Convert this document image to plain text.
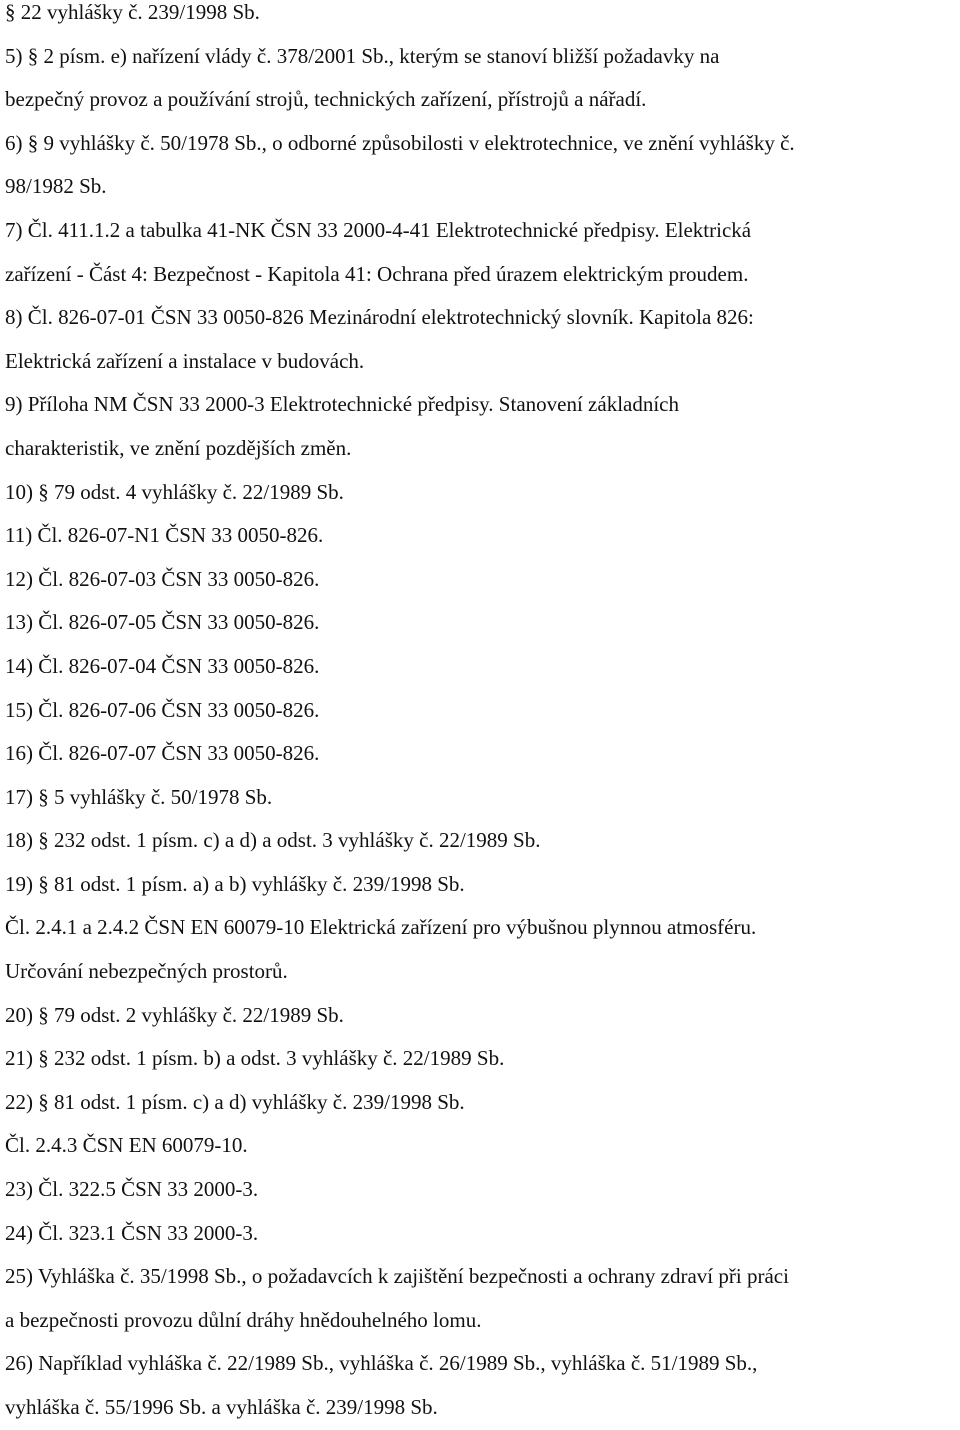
§ 22 vyhlášky č. 239/1998 Sb.
5) § 2 písm. e) nařízení vlády č. 378/2001 Sb., kterým se stanoví bližší požadavky na
bezpečný provoz a používání strojů, technických zařízení, přístrojů a nářadí.
6) § 9 vyhlášky č. 50/1978 Sb., o odborné způsobilosti v elektrotechnice, ve znění vyhlášky č.
98/1982 Sb.
7) Čl. 411.1.2 a tabulka 41-NK ČSN 33 2000-4-41 Elektrotechnické předpisy. Elektrická
zařízení - Část 4: Bezpečnost - Kapitola 41: Ochrana před úrazem elektrickým proudem.
8) Čl. 826-07-01 ČSN 33 0050-826 Mezinárodní elektrotechnický slovník. Kapitola 826:
Elektrická zařízení a instalace v budovách.
9) Příloha NM ČSN 33 2000-3 Elektrotechnické předpisy. Stanovení základních
charakteristik, ve znění pozdějších změn.
10) § 79 odst. 4 vyhlášky č. 22/1989 Sb.
11) Čl. 826-07-N1 ČSN 33 0050-826.
12) Čl. 826-07-03 ČSN 33 0050-826.
13) Čl. 826-07-05 ČSN 33 0050-826.
14) Čl. 826-07-04 ČSN 33 0050-826.
15) Čl. 826-07-06 ČSN 33 0050-826.
16) Čl. 826-07-07 ČSN 33 0050-826.
17) § 5 vyhlášky č. 50/1978 Sb.
18) § 232 odst. 1 písm. c) a d) a odst. 3 vyhlášky č. 22/1989 Sb.
19) § 81 odst. 1 písm. a) a b) vyhlášky č. 239/1998 Sb.
Čl. 2.4.1 a 2.4.2 ČSN EN 60079-10 Elektrická zařízení pro výbušnou plynnou atmosféru.
Určování nebezpečných prostorů.
20) § 79 odst. 2 vyhlášky č. 22/1989 Sb.
21) § 232 odst. 1 písm. b) a odst. 3 vyhlášky č. 22/1989 Sb.
22) § 81 odst. 1 písm. c) a d) vyhlášky č. 239/1998 Sb.
Čl. 2.4.3 ČSN EN 60079-10.
23) Čl. 322.5 ČSN 33 2000-3.
24) Čl. 323.1 ČSN 33 2000-3.
25) Vyhláška č. 35/1998 Sb., o požadavcích k zajištění bezpečnosti a ochrany zdraví při práci
a bezpečnosti provozu důlní dráhy hnědouhelného lomu.
26) Například vyhláška č. 22/1989 Sb., vyhláška č. 26/1989 Sb., vyhláška č. 51/1989 Sb.,
vyhláška č. 55/1996 Sb. a vyhláška č. 239/1998 Sb.
